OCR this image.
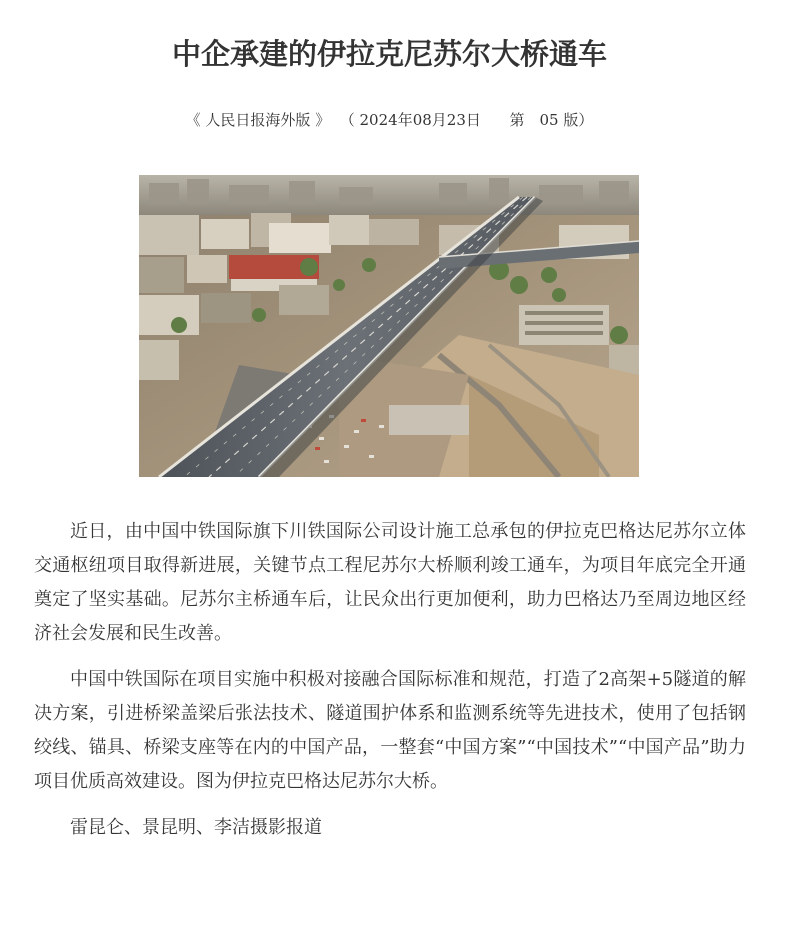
中企承建的伊拉克尼苏尔大桥通车
《 人民日报海外版 》 （ 2024年08月23日 第　05 版）

近日，由中国中铁国际旗下川铁国际公司设计施工总承包的伊拉克巴格达尼苏尔立体交通枢纽项目取得新进展，关键节点工程尼苏尔大桥顺利竣工通车，为项目年底完全开通奠定了坚实基础。尼苏尔主桥通车后，让民众出行更加便利，助力巴格达乃至周边地区经济社会发展和民生改善。

中国中铁国际在项目实施中积极对接融合国际标准和规范，打造了2高架+5隧道的解决方案，引进桥梁盖梁后张法技术、隧道围护体系和监测系统等先进技术，使用了包括钢绞线、锚具、桥梁支座等在内的中国产品，一整套“中国方案”“中国技术”“中国产品”助力项目优质高效建设。图为伊拉克巴格达尼苏尔大桥。

雷昆仑、景昆明、李洁摄影报道
